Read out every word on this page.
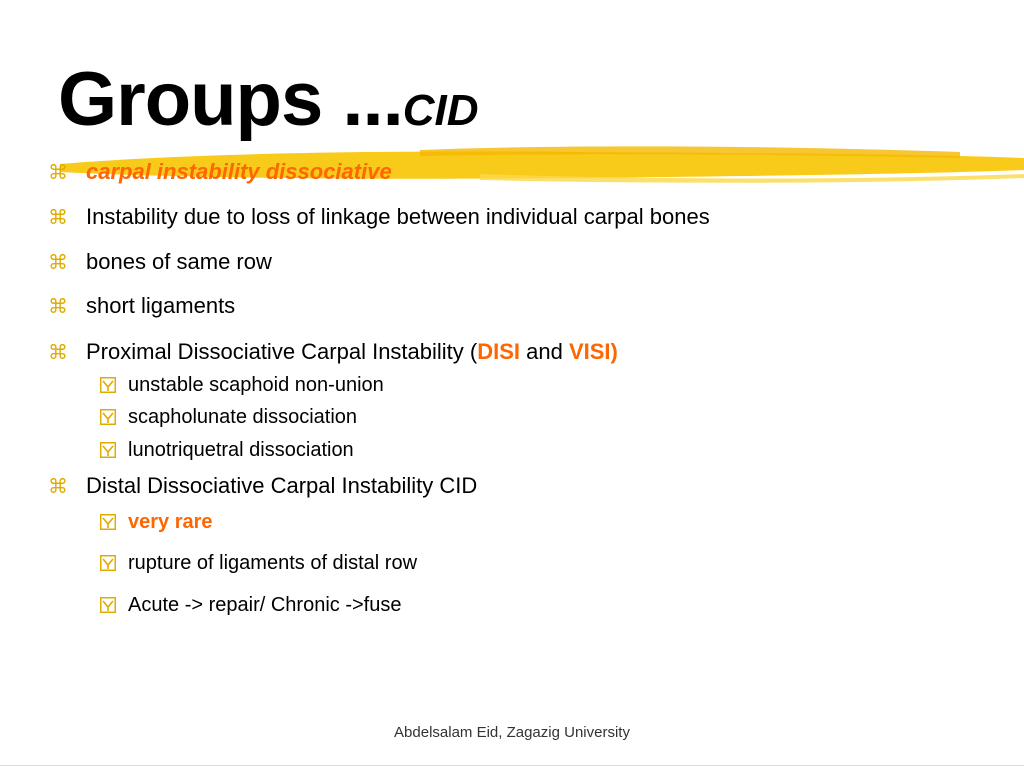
Groups ...CID
⌘ carpal instability dissociative
⌘ Instability due to loss of linkage between individual carpal bones
⌘ bones of same row
⌘ short ligaments
⌘ Proximal Dissociative Carpal Instability (DISI and VISI)
unstable scaphoid non-union
scapholunate dissociation
lunotriquetral dissociation
⌘ Distal Dissociative Carpal Instability CID
very rare
rupture of ligaments of distal row
Acute -> repair/ Chronic ->fuse
Abdelsalam Eid, Zagazig University
